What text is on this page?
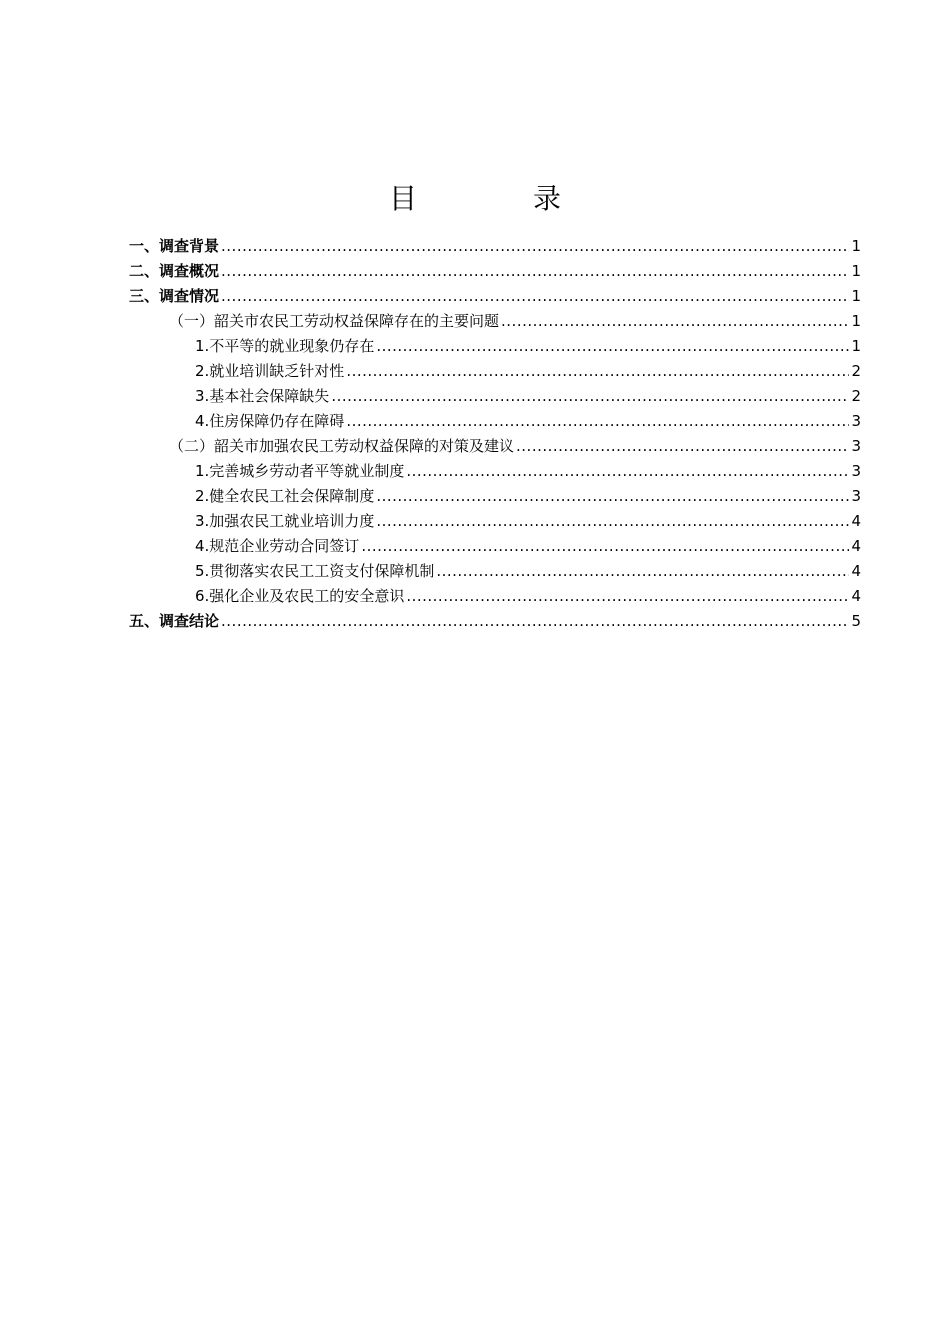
目　录
一、调查背景 .....	1
二、调查概况 .....	1
三、调查情况 .....	1
（一）韶关市农民工劳动权益保障存在的主要问题 .....	1
1.不平等的就业现象仍存在 .....	1
2.就业培训缺乏针对性 .....	2
3.基本社会保障缺失 .....	2
4.住房保障仍存在障碍 .....	3
（二）韶关市加强农民工劳动权益保障的对策及建议 .....	3
1.完善城乡劳动者平等就业制度 .....	3
2.健全农民工社会保障制度 .....	3
3.加强农民工就业培训力度 .....	4
4.规范企业劳动合同签订 .....	4
5.贯彻落实农民工工资支付保障机制 .....	4
6.强化企业及农民工的安全意识 .....	4
五、调查结论 .....	5
